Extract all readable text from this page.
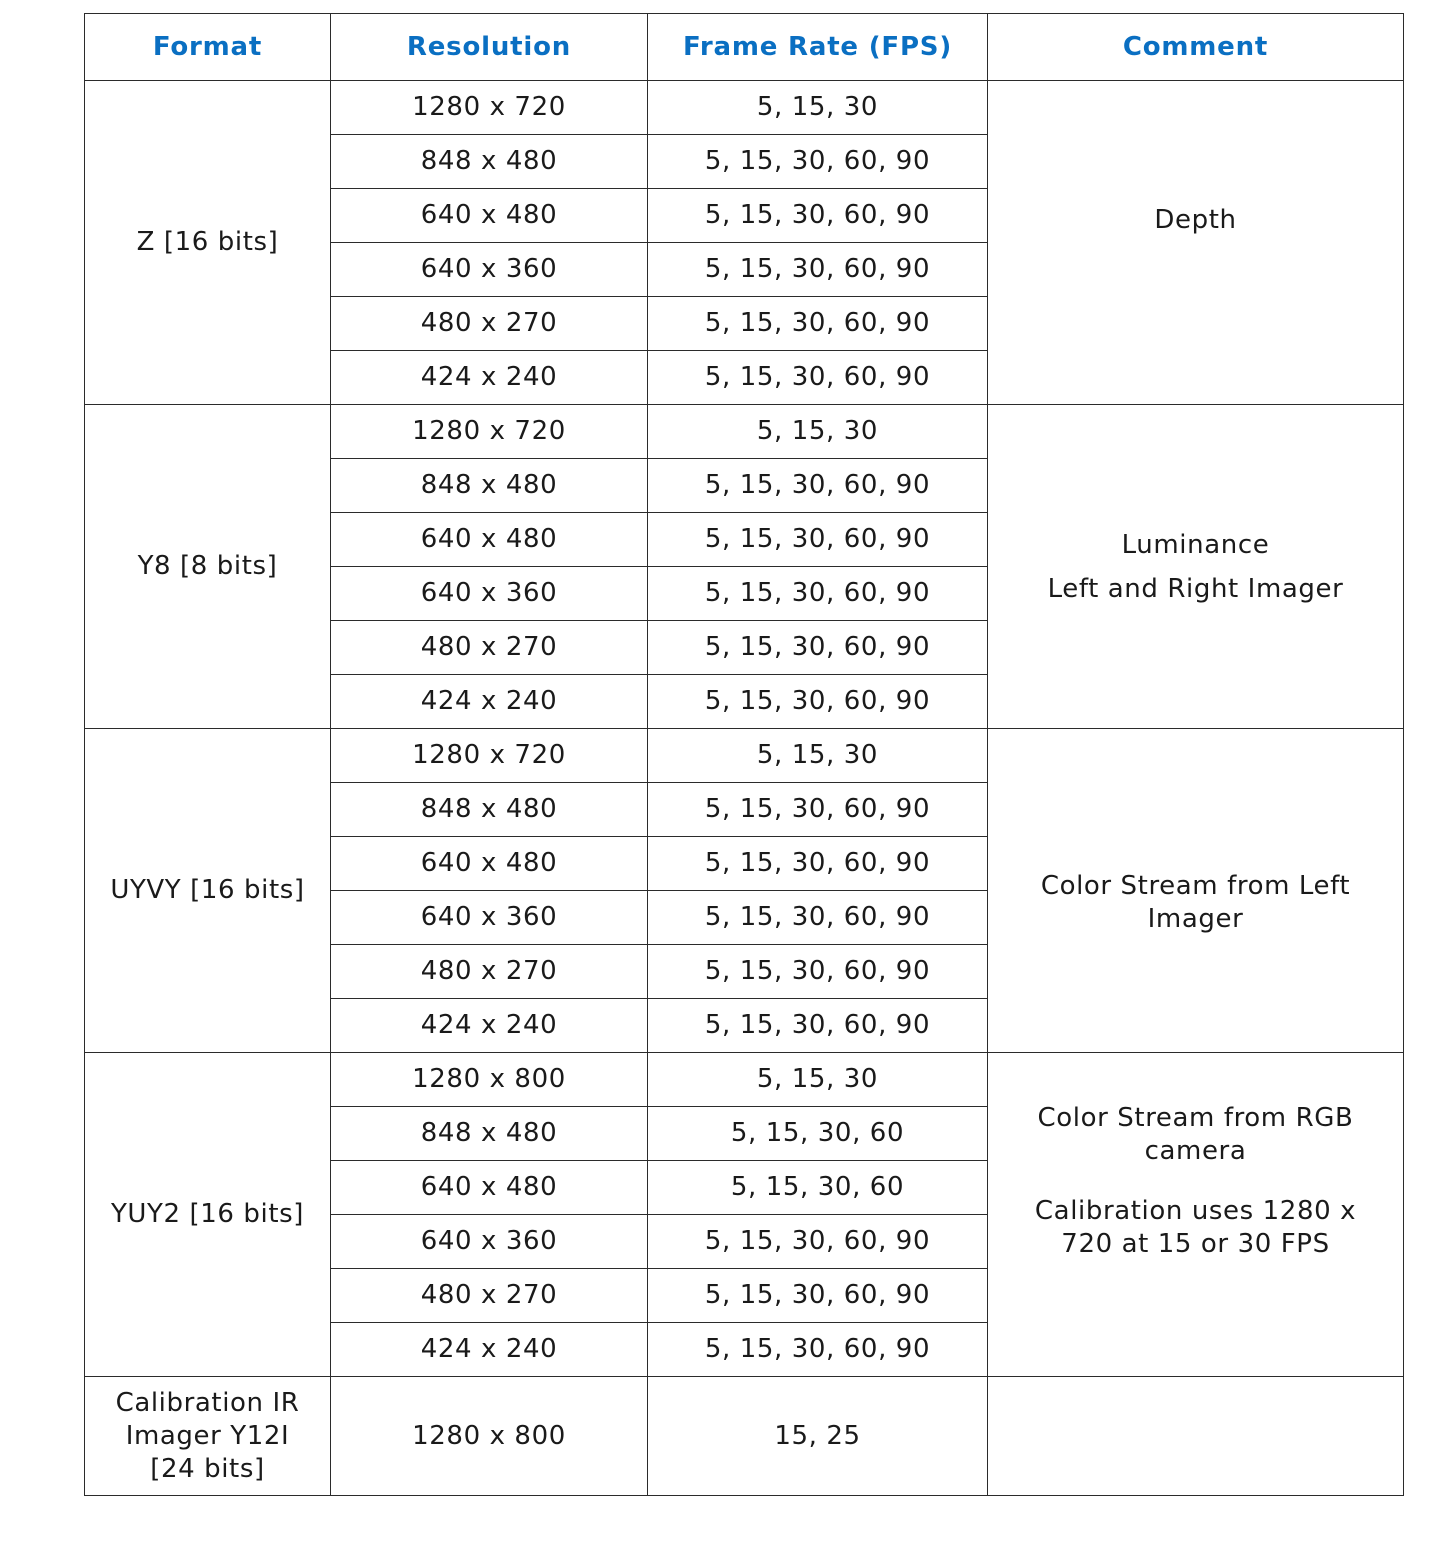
Format	Resolution	Frame Rate (FPS)	Comment
Z [16 bits]	1280 x 720	5, 15, 30	Depth

	848 x 480	5, 15, 30, 60, 90	
	640 x 480	5, 15, 30, 60, 90	
	640 x 360	5, 15, 30, 60, 90	
	480 x 270	5, 15, 30, 60, 90	
	424 x 240	5, 15, 30, 60, 90	
Y8 [8 bits]	1280 x 720	5, 15, 30	Luminance
Left and Right Imager

	848 x 480	5, 15, 30, 60, 90	
	640 x 480	5, 15, 30, 60, 90	
	640 x 360	5, 15, 30, 60, 90	
	480 x 270	5, 15, 30, 60, 90	
	424 x 240	5, 15, 30, 60, 90	
UYVY [16 bits]	1280 x 720	5, 15, 30	Color Stream from Left Imager

	848 x 480	5, 15, 30, 60, 90	
	640 x 480	5, 15, 30, 60, 90	
	640 x 360	5, 15, 30, 60, 90	
	480 x 270	5, 15, 30, 60, 90	
	424 x 240	5, 15, 30, 60, 90	
YUY2 [16 bits]	1280 x 800	5, 15, 30	Color Stream from RGB camera
Calibration uses 1280 x 720 at 15 or 30 FPS

	848 x 480	5, 15, 30, 60	
	640 x 480	5, 15, 30, 60	
	640 x 360	5, 15, 30, 60, 90	
	480 x 270	5, 15, 30, 60, 90	
	424 x 240	5, 15, 30, 60, 90	
Calibration IR Imager Y12I [24 bits]	1280 x 800	15, 25	
